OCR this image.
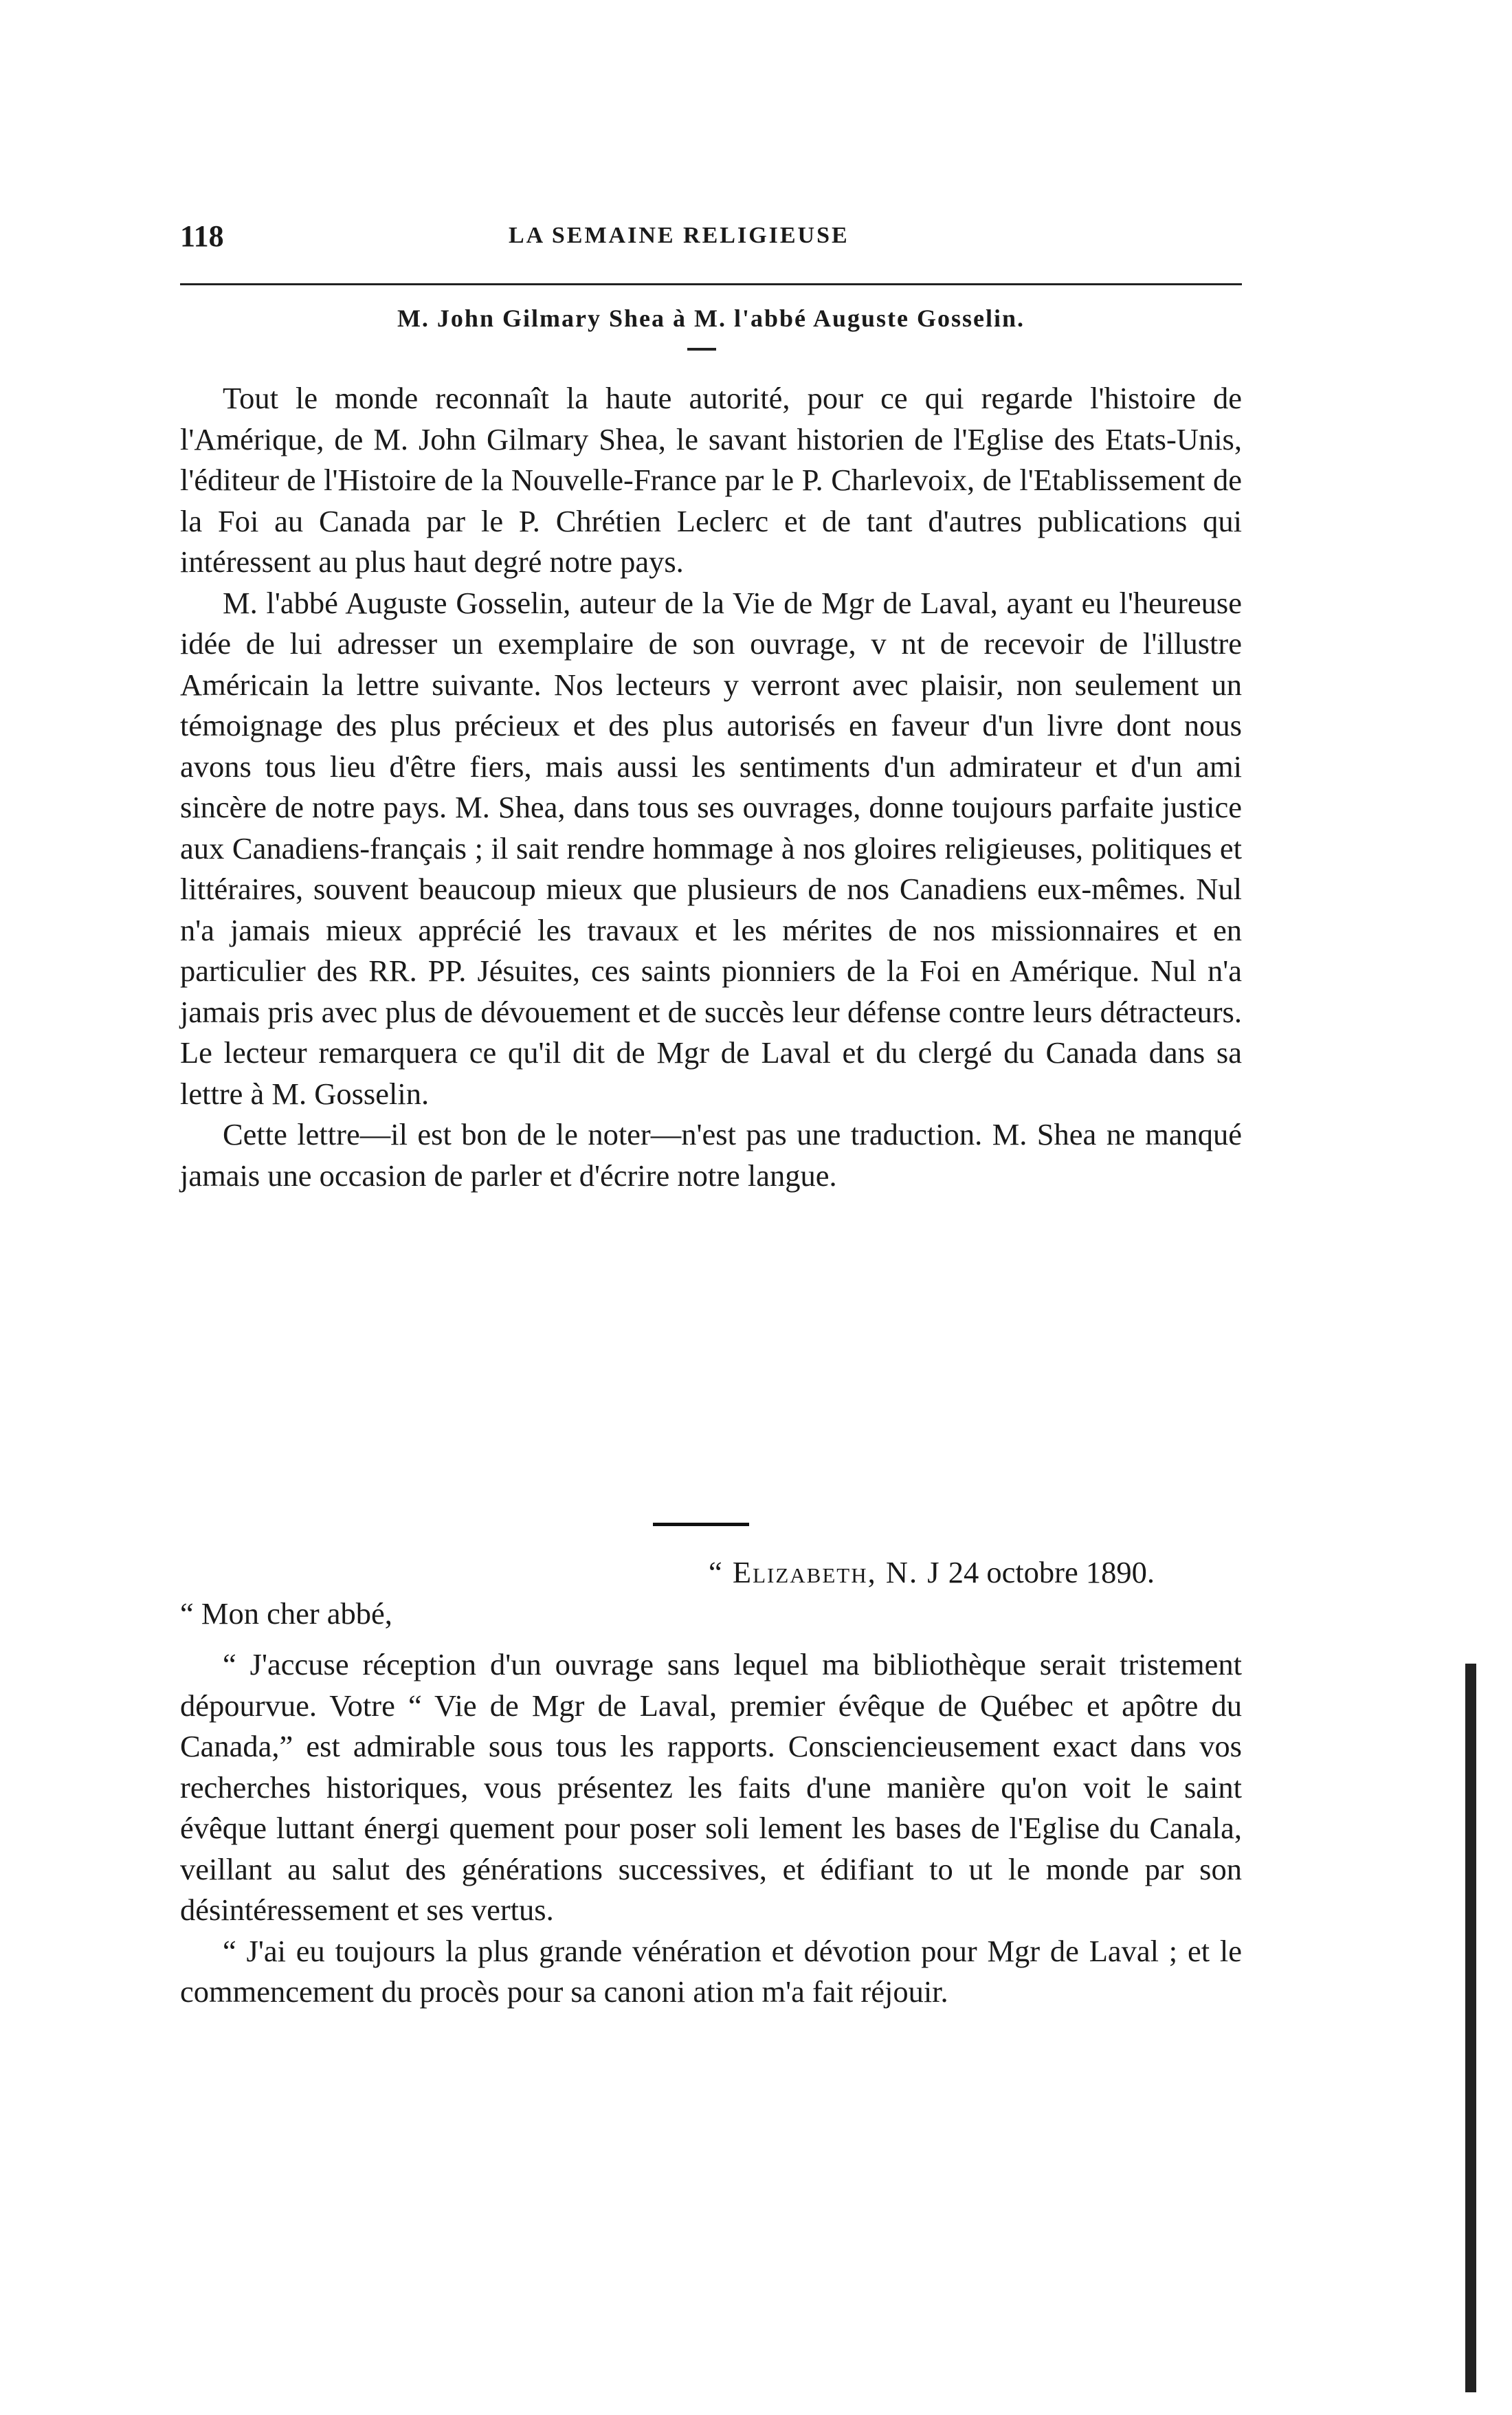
118	LA SEMAINE RELIGIEUSE
M. John Gilmary Shea à M. l'abbé Auguste Gosselin.

Tout le monde reconnaît la haute autorité, pour ce qui regarde l'histoire de l'Amérique, de M. John Gilmary Shea, le savant historien de l'Eglise des Etats-Unis, l'éditeur de l'Histoire de la Nouvelle-France par le P. Charlevoix, de l'Etablissement de la Foi au Canada par le P. Chrétien Leclerc et de tant d'autres publications qui intéressent au plus haut degré notre pays.

M. l'abbé Auguste Gosselin, auteur de la Vie de Mgr de Laval, ayant eu l'heureuse idée de lui adresser un exemplaire de son ouvrage, v nt de recevoir de l'illustre Américain la lettre suivante. Nos lecteurs y verront avec plaisir, non seulement un témoignage des plus précieux et des plus autorisés en faveur d'un livre dont nous avons tous lieu d'être fiers, mais aussi les sentiments d'un admirateur et d'un ami sincère de notre pays. M. Shea, dans tous ses ouvrages, donne toujours parfaite justice aux Canadiens-français ; il sait rendre hommage à nos gloires religieuses, politiques et littéraires, souvent beaucoup mieux que plusieurs de nos Canadiens eux-mêmes. Nul n'a jamais mieux apprécié les travaux et les mérites de nos missionnaires et en particulier des RR. PP. Jésuites, ces saints pionniers de la Foi en Amérique. Nul n'a jamais pris avec plus de dévouement et de succès leur défense contre leurs détracteurs. Le lecteur remarquera ce qu'il dit de Mgr de Laval et du clergé du Canada dans sa lettre à M. Gosselin.

Cette lettre—il est bon de le noter—n'est pas une traduction. M. Shea ne manqué jamais une occasion de parler et d'écrire notre langue.

“ Elizabeth, N. J 24 octobre 1890.
“ Mon cher abbé,

“ J'accuse réception d'un ouvrage sans lequel ma bibliothèque serait tristement dépourvue. Votre “ Vie de Mgr de Laval, premier évêque de Québec et apôtre du Canada,” est admirable sous tous les rapports. Consciencieusement exact dans vos recherches historiques, vous présentez les faits d'une manière qu'on voit le saint évêque luttant énergi quement pour poser soli lement les bases de l'Eglise du Canala, veillant au salut des générations successives, et édifiant to ut le monde par son désintéressement et ses vertus.

“ J'ai eu toujours la plus grande vénération et dévotion pour Mgr de Laval ; et le commencement du procès pour sa canoni ation m'a fait réjouir.
